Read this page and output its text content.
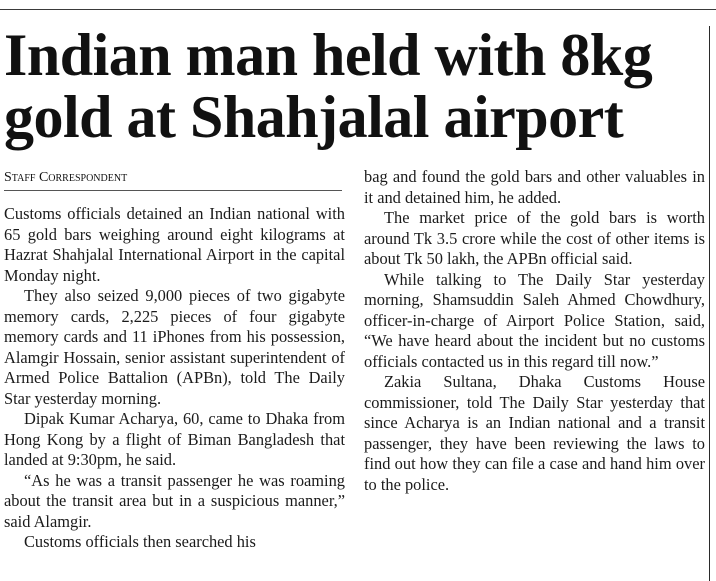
Indian man held with 8kg gold at Shahjalal airport
Staff Correspondent

Customs officials detained an Indian national with 65 gold bars weighing around eight kilograms at Hazrat Shahjalal International Airport in the capital Monday night.

They also seized 9,000 pieces of two gigabyte memory cards, 2,225 pieces of four gigabyte memory cards and 11 iPhones from his possession, Alamgir Hossain, senior assistant superintendent of Armed Police Battalion (APBn), told The Daily Star yesterday morning.

Dipak Kumar Acharya, 60, came to Dhaka from Hong Kong by a flight of Biman Bangladesh that landed at 9:30pm, he said.

“As he was a transit passenger he was roaming about the transit area but in a suspicious manner,” said Alamgir.

Customs officials then searched his

bag and found the gold bars and other valuables in it and detained him, he added.

The market price of the gold bars is worth around Tk 3.5 crore while the cost of other items is about Tk 50 lakh, the APBn official said.

While talking to The Daily Star yesterday morning, Shamsuddin Saleh Ahmed Chowdhury, officer-in-charge of Airport Police Station, said, “We have heard about the incident but no customs officials contacted us in this regard till now.”

Zakia Sultana, Dhaka Customs House commissioner, told The Daily Star yesterday that since Acharya is an Indian national and a transit passenger, they have been reviewing the laws to find out how they can file a case and hand him over to the police.
